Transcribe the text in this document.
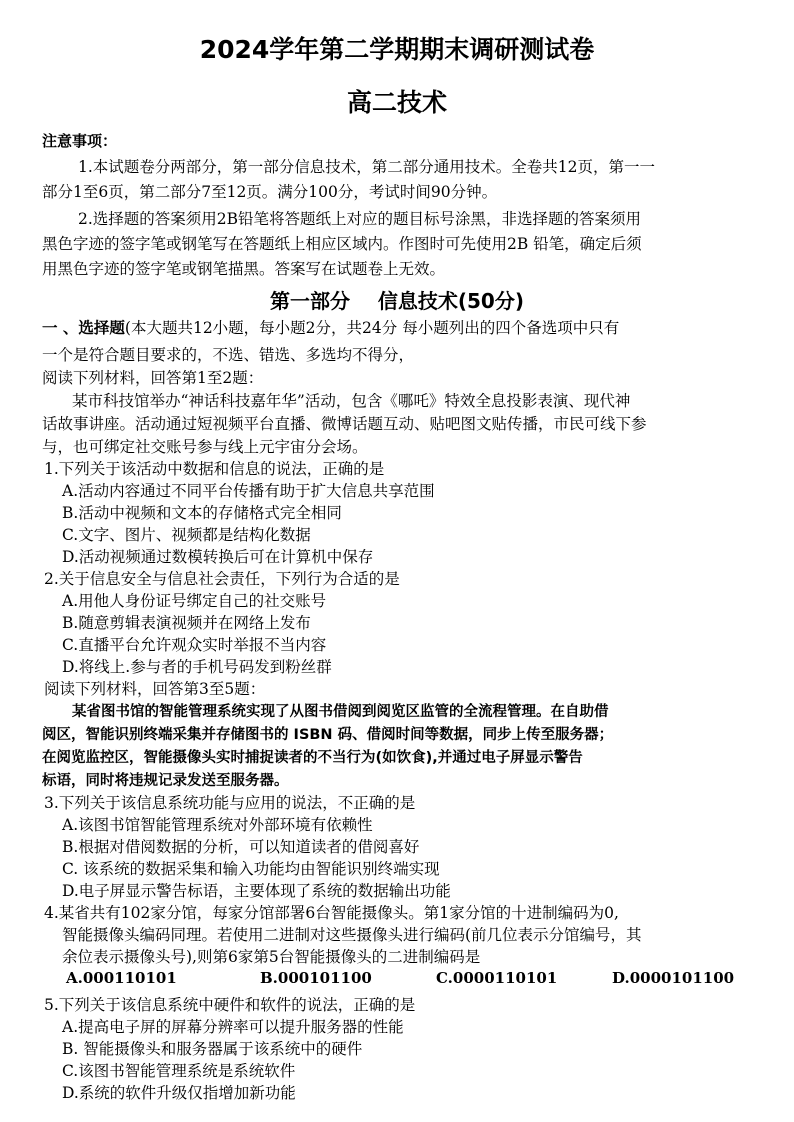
2024学年第二学期期末调研测试卷
高二技术
注意事项：
1.本试题卷分两部分，第一部分信息技术，第二部分通用技术。全卷共12页，第一一
部分1至6页，第二部分7至12页。满分100分，考试时间90分钟。
2.选择题的答案须用2B铅笔将答题纸上对应的题目标号涂黑，非选择题的答案须用
黑色字迹的签字笔或钢笔写在答题纸上相应区域内。作图时可先使用2B 铅笔，确定后须
用黑色字迹的签字笔或钢笔描黑。答案写在试题卷上无效。
第一部分    信息技术(50分)
一 、选择题(本大题共12小题，每小题2分，共24分 每小题列出的四个备选项中只有
一个是符合题目要求的，不选、错选、多选均不得分，
阅读下列材料，回答第1至2题：
某市科技馆举办“神话科技嘉年华”活动，包含《哪吒》特效全息投影表演、现代神
话故事讲座。活动通过短视频平台直播、微博话题互动、贴吧图文贴传播，市民可线下参
与，也可绑定社交账号参与线上元宇宙分会场。
1.下列关于该活动中数据和信息的说法，正确的是
A.活动内容通过不同平台传播有助于扩大信息共享范围
B.活动中视频和文本的存储格式完全相同
C.文字、图片、视频都是结构化数据
D.活动视频通过数模转换后可在计算机中保存
2.关于信息安全与信息社会责任，下列行为合适的是
A.用他人身份证号绑定自己的社交账号
B.随意剪辑表演视频并在网络上发布
C.直播平台允许观众实时举报不当内容
D.将线上.参与者的手机号码发到粉丝群
阅读下列材料，回答第3至5题：
某省图书馆的智能管理系统实现了从图书借阅到阅览区监管的全流程管理。在自助借
阅区，智能识别终端采集并存储图书的 ISBN 码、借阅时间等数据，同步上传至服务器；
在阅览监控区，智能摄像头实时捕捉读者的不当行为(如饮食),并通过电子屏显示警告
标语，同时将违规记录发送至服务器。
3.下列关于该信息系统功能与应用的说法，不正确的是
A.该图书馆智能管理系统对外部环境有依赖性
B.根据对借阅数据的分析，可以知道读者的借阅喜好
C. 该系统的数据采集和输入功能均由智能识别终端实现
D.电子屏显示警告标语，主要体现了系统的数据输出功能
4.某省共有102家分馆，每家分馆部署6台智能摄像头。第1家分馆的十进制编码为0,
智能摄像头编码同理。若使用二进制对这些摄像头进行编码(前几位表示分馆编号，其
余位表示摄像头号),则第6家第5台智能摄像头的二进制编码是
A.000110101	B.000101100	C.0000110101	D.0000101100
5.下列关于该信息系统中硬件和软件的说法，正确的是
A.提高电子屏的屏幕分辨率可以提升服务器的性能
B. 智能摄像头和服务器属于该系统中的硬件
C.该图书智能管理系统是系统软件
D.系统的软件升级仅指增加新功能
